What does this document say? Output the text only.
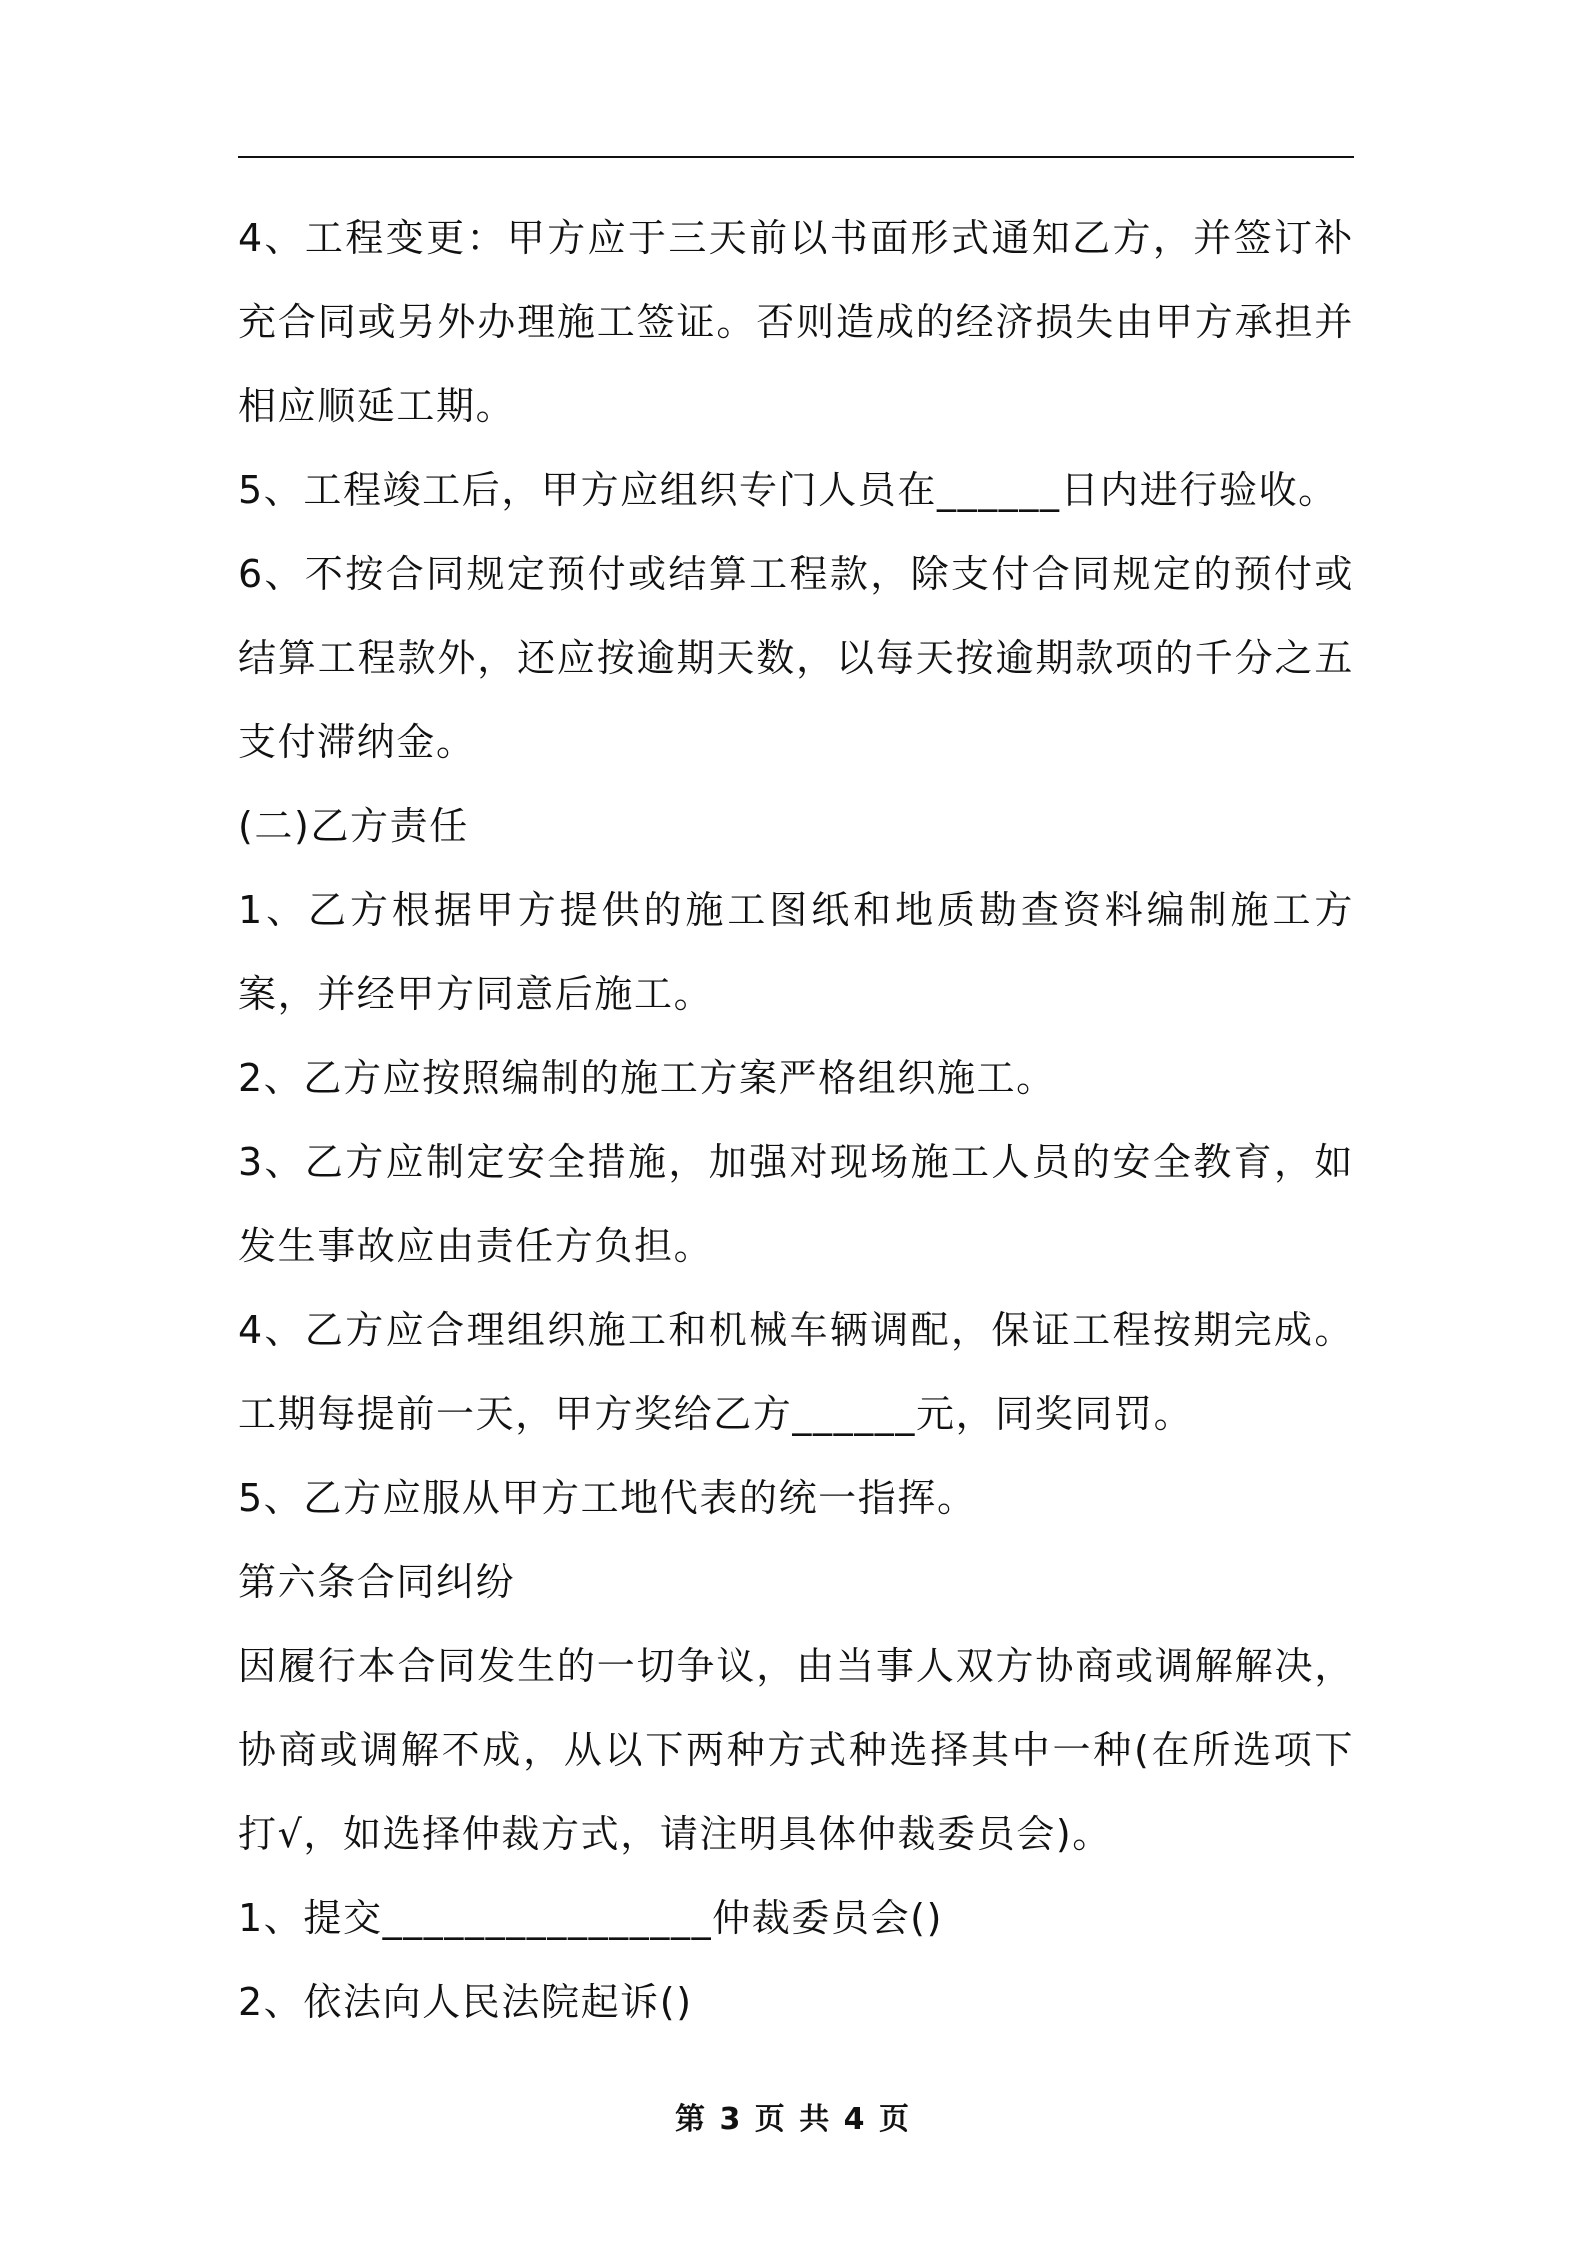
4、工程变更：甲方应于三天前以书面形式通知乙方，并签订补充合同或另外办理施工签证。否则造成的经济损失由甲方承担并相应顺延工期。

5、工程竣工后，甲方应组织专门人员在______日内进行验收。

6、不按合同规定预付或结算工程款，除支付合同规定的预付或结算工程款外，还应按逾期天数，以每天按逾期款项的千分之五支付滞纳金。

(二)乙方责任

1、乙方根据甲方提供的施工图纸和地质勘查资料编制施工方案，并经甲方同意后施工。

2、乙方应按照编制的施工方案严格组织施工。

3、乙方应制定安全措施，加强对现场施工人员的安全教育，如发生事故应由责任方负担。

4、乙方应合理组织施工和机械车辆调配，保证工程按期完成。工期每提前一天，甲方奖给乙方______元，同奖同罚。

5、乙方应服从甲方工地代表的统一指挥。

第六条合同纠纷

因履行本合同发生的一切争议，由当事人双方协商或调解解决，协商或调解不成，从以下两种方式种选择其中一种(在所选项下打√，如选择仲裁方式，请注明具体仲裁委员会)。

1、提交________________仲裁委员会()

2、依法向人民法院起诉()

第 3 页 共 4 页
